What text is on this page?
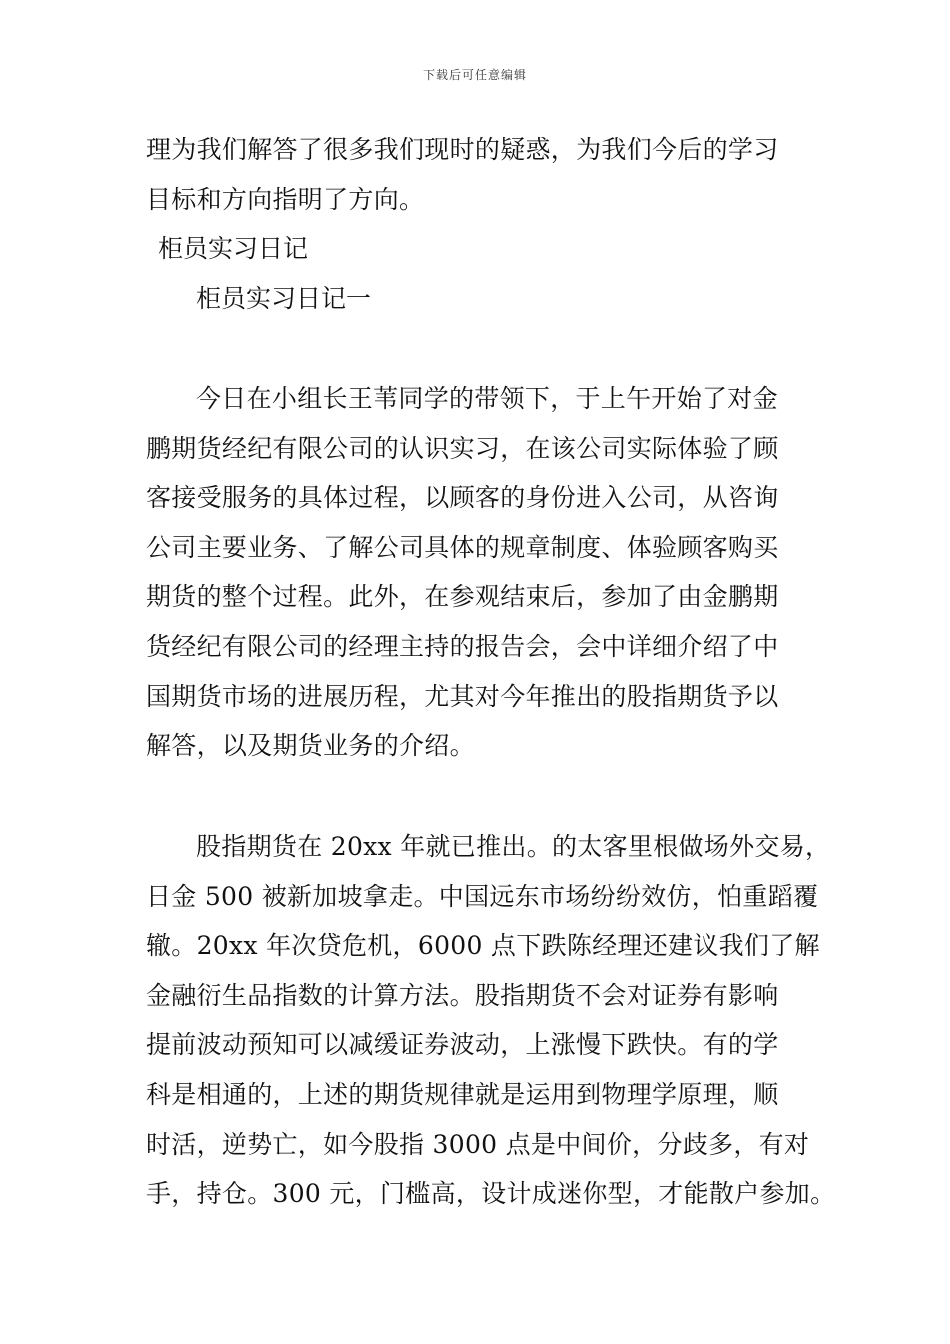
下载后可任意编辑
理为我们解答了很多我们现时的疑惑，为我们今后的学习
目标和方向指明了方向。
柜员实习日记
柜员实习日记一
今日在小组长王苇同学的带领下，于上午开始了对金
鹏期货经纪有限公司的认识实习，在该公司实际体验了顾
客接受服务的具体过程，以顾客的身份进入公司，从咨询
公司主要业务、了解公司具体的规章制度、体验顾客购买
期货的整个过程。此外，在参观结束后，参加了由金鹏期
货经纪有限公司的经理主持的报告会，会中详细介绍了中
国期货市场的进展历程，尤其对今年推出的股指期货予以
解答，以及期货业务的介绍。
股指期货在 20xx 年就已推出。的太客里根做场外交易，
日金 500 被新加坡拿走。中国远东市场纷纷效仿，怕重蹈覆
辙。20xx 年次贷危机，6000 点下跌陈经理还建议我们了解
金融衍生品指数的计算方法。股指期货不会对证券有影响
提前波动预知可以减缓证券波动，上涨慢下跌快。有的学
科是相通的，上述的期货规律就是运用到物理学原理，顺
时活，逆势亡，如今股指 3000 点是中间价，分歧多，有对
手，持仓。300 元，门槛高，设计成迷你型，才能散户参加。
